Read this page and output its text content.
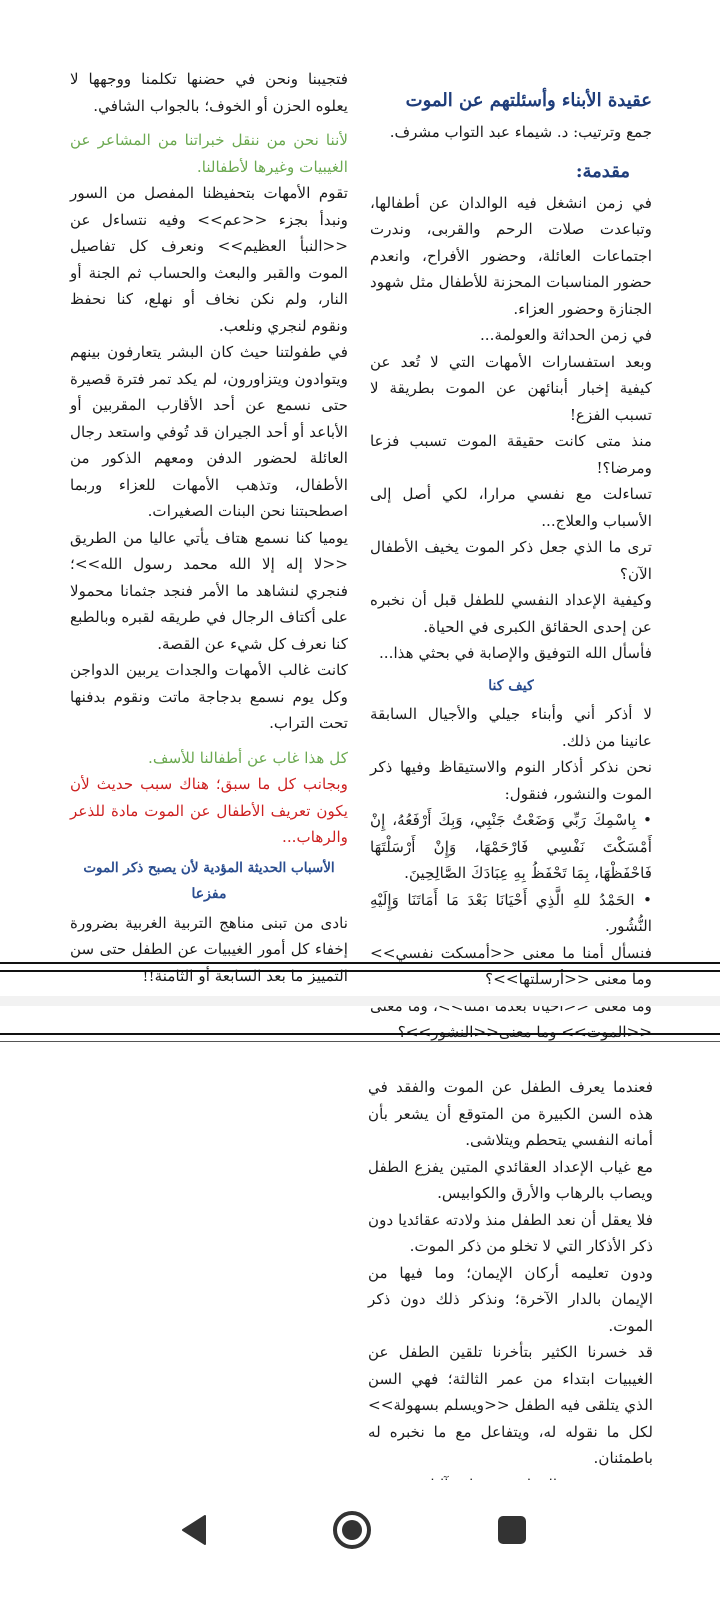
عقيدة الأبناء وأسئلتهم عن الموت

جمع وترتيب: د. شيماء عبد التواب مشرف.

مقدمة:

في زمن انشغل فيه الوالدان عن أطفالها، وتباعدت صلات الرحم والقربى، وندرت اجتماعات العائلة، وحضور الأفراح، وانعدم حضور المناسبات المحزنة للأطفال مثل شهود الجنازة وحضور العزاء.

في زمن الحداثة والعولمة...

وبعد استفسارات الأمهات التي لا تُعد عن كيفية إخبار أبنائهن عن الموت بطريقة لا تسبب الفزع!

منذ متى كانت حقيقة الموت تسبب فزعا ومرضا؟!

تساءلت مع نفسي مرارا، لكي أصل إلى الأسباب والعلاج...

ترى ما الذي جعل ذكر الموت يخيف الأطفال الآن؟

وكيفية الإعداد النفسي للطفل قبل أن نخبره عن إحدى الحقائق الكبرى في الحياة.

فأسأل الله التوفيق والإصابة في بحثي هذا...

كيف كنا

لا أذكر أني وأبناء جيلي والأجيال السابقة عانينا من ذلك.

نحن نذكر أذكار النوم والاستيقاظ وفيها ذكر الموت والنشور، فنقول:

• بِاسْمِكَ رَبِّي وَضَعْتُ جَنْبِي، وَبِكَ أَرْفَعُهُ، إِنْ أَمْسَكْتَ نَفْسِي فَارْحَمْهَا، وَإِنْ أَرْسَلْتَهَا فَاحْفَظْهَا، بِمَا تَحْفَظُ بِهِ عِبَادَكَ الصَّالِحِينَ.

• الحَمْدُ للهِ الَّذِي أَحْيَانَا بَعْدَ مَا أَمَاتَنَا وَإِلَيْهِ النُّشُور.

فنسأل أمنا ما معنى <<أمسكت نفسي>> وما معنى <<أرسلتها>>؟

<<الموت>> وما معنى<<النشور>>؟

فتجيبنا ونحن في حضنها تكلمنا ووجهها لا يعلوه الحزن أو الخوف؛ بالجواب الشافي.

لأننا نحن من ننقل خبراتنا من المشاعر عن الغيبيات وغيرها لأطفالنا.

تقوم الأمهات بتحفيظنا المفصل من السور ونبدأ بجزء <<عم>> وفيه نتساءل عن <<النبأ العظيم>> ونعرف كل تفاصيل الموت والقبر والبعث والحساب ثم الجنة أو النار، ولم نكن نخاف أو نهلع، كنا نحفظ ونقوم لنجري ونلعب.

في طفولتنا حيث كان البشر يتعارفون بينهم ويتوادون ويتزاورون، لم يكد تمر فترة قصيرة حتى نسمع عن أحد الأقارب المقربين أو الأباعد أو أحد الجيران قد تُوفي واستعد رجال العائلة لحضور الدفن ومعهم الذكور من الأطفال، وتذهب الأمهات للعزاء وربما اصطحبتنا نحن البنات الصغيرات.

يوميا كنا نسمع هتاف يأتي عاليا من الطريق <<لا إله إلا الله محمد رسول الله>>؛ فنجري لنشاهد ما الأمر فنجد جثمانا محمولا على أكتاف الرجال في طريقه لقبره وبالطبع كنا نعرف كل شيء عن القصة.

كانت غالب الأمهات والجدات يربين الدواجن وكل يوم نسمع بدجاجة ماتت ونقوم بدفنها تحت التراب.

كل هذا غاب عن أطفالنا للأسف.

وبجانب كل ما سبق؛ هناك سبب حديث لأن يكون تعريف الأطفال عن الموت مادة للذعر والرهاب...

الأسباب الحديثة المؤدية لأن يصبح ذكر الموت

مفزعا

نادى من تبنى مناهج التربية الغربية بضرورة إخفاء كل أمور الغيبيات عن الطفل حتى سن التمييز ما بعد السابعة أو الثامنة!!

فعندما يعرف الطفل عن الموت والفقد في هذه السن الكبيرة من المتوقع أن يشعر بأن أمانه النفسي يتحطم ويتلاشى.

مع غياب الإعداد العقائدي المتين يفزع الطفل ويصاب بالرهاب والأرق والكوابيس.

فلا يعقل أن نعد الطفل منذ ولادته عقائديا دون ذكر الأذكار التي لا تخلو من ذكر الموت.

ودون تعليمه أركان الإيمان؛ وما فيها من الإيمان بالدار الآخرة؛ ونذكر ذلك دون ذكر الموت.

قد خسرنا الكثير بتأخرنا تلقين الطفل عن الغيبيات ابتداء من عمر الثالثة؛ فهي السن الذي يتلقى فيه الطفل <<ويسلم بسهولة>> لكل ما نقوله له، ويتفاعل مع ما نخبره له باطمئنان.
